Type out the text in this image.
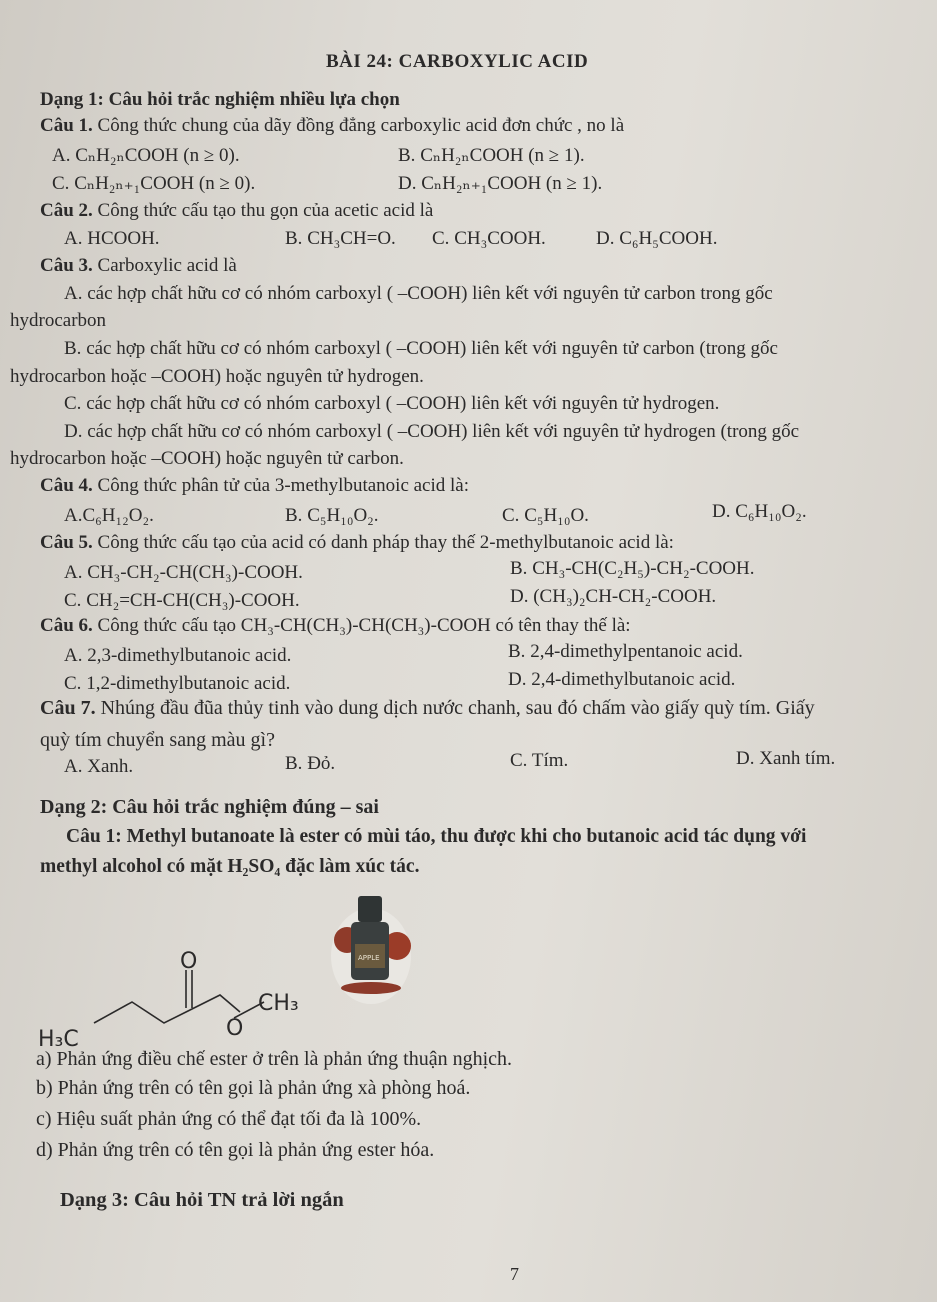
BÀI 24: CARBOXYLIC ACID
Dạng 1: Câu hỏi trắc nghiệm nhiều lựa chọn
Câu 1. Công thức chung của dãy đồng đẳng carboxylic acid đơn chức , no là
A. CₙH₂ₙCOOH (n ≥ 0).	B. CₙH₂ₙCOOH (n ≥ 1).
C. CₙH₂ₙ₊₁COOH (n ≥ 0).	D. CₙH₂ₙ₊₁COOH (n ≥ 1).
Câu 2. Công thức cấu tạo thu gọn của acetic acid là
A. HCOOH.	B. CH₃CH=O. C. CH₃COOH.	D. C₆H₅COOH.
Câu 3. Carboxylic acid là
A. các hợp chất hữu cơ có nhóm carboxyl ( –COOH) liên kết với nguyên tử carbon trong gốc
hydrocarbon
B. các hợp chất hữu cơ có nhóm carboxyl ( –COOH) liên kết với nguyên tử carbon (trong gốc
hydrocarbon hoặc –COOH) hoặc nguyên tử hydrogen.
C. các hợp chất hữu cơ có nhóm carboxyl ( –COOH) liên kết với nguyên tử hydrogen.
D. các hợp chất hữu cơ có nhóm carboxyl ( –COOH) liên kết với nguyên tử hydrogen (trong gốc
hydrocarbon hoặc –COOH) hoặc nguyên tử carbon.
Câu 4. Công thức phân tử của 3-methylbutanoic acid là:
A.C₆H₁₂O₂.	B. C₅H₁₀O₂.	C. C₅H₁₀O.	D. C₆H₁₀O₂.
Câu 5. Công thức cấu tạo của acid có danh pháp thay thế 2-methylbutanoic acid là:
A. CH₃-CH₂-CH(CH₃)-COOH.	B. CH₃-CH(C₂H₅)-CH₂-COOH.
C. CH₂=CH-CH(CH₃)-COOH.	D. (CH₃)₂CH-CH₂-COOH.
Câu 6. Công thức cấu tạo CH₃-CH(CH₃)-CH(CH₃)-COOH có tên thay thế là:
A. 2,3-dimethylbutanoic acid.	B. 2,4-dimethylpentanoic acid.
C. 1,2-dimethylbutanoic acid.	D. 2,4-dimethylbutanoic acid.
Câu 7. Nhúng đầu đũa thủy tinh vào dung dịch nước chanh, sau đó chấm vào giấy quỳ tím. Giấy
quỳ tím chuyển sang màu gì?
A. Xanh.	B. Đỏ.	C. Tím.	D. Xanh tím.
Dạng 2: Câu hỏi trắc nghiệm đúng – sai
Câu 1: Methyl butanoate là ester có mùi táo, thu được khi cho butanoic acid tác dụng với
methyl alcohol có mặt H₂SO₄ đặc làm xúc tác.
O
O
CH₃
H₃C
APPLE
a) Phản ứng điều chế ester ở trên là phản ứng thuận nghịch.
b) Phản ứng trên có tên gọi là phản ứng xà phòng hoá.
c) Hiệu suất phản ứng có thể đạt tối đa là 100%.
d) Phản ứng trên có tên gọi là phản ứng ester hóa.
Dạng 3: Câu hỏi TN trả lời ngắn
7
